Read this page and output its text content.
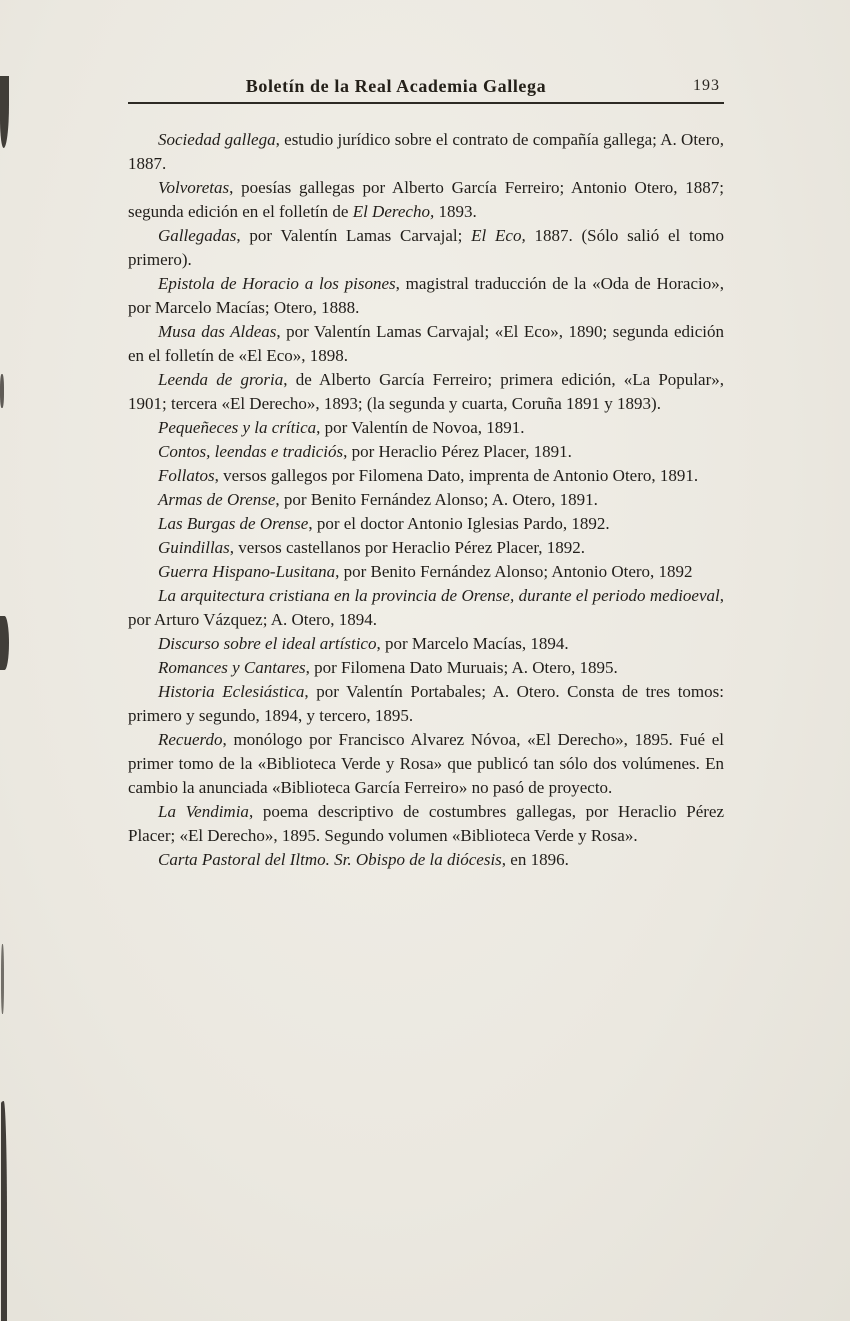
Boletín de la Real Academia Gallega	193

Sociedad gallega, estudio jurídico sobre el contrato de compañía gallega; A. Otero, 1887.

Volvoretas, poesías gallegas por Alberto García Ferreiro; Antonio Otero, 1887; segunda edición en el folletín de El Derecho, 1893.

Gallegadas, por Valentín Lamas Carvajal; El Eco, 1887. (Sólo salió el tomo primero).

Epistola de Horacio a los pisones, magistral traducción de la «Oda de Horacio», por Marcelo Macías; Otero, 1888.

Musa das Aldeas, por Valentín Lamas Carvajal; «El Eco», 1890; segunda edición en el folletín de «El Eco», 1898.

Leenda de groria, de Alberto García Ferreiro; primera edición, «La Popular», 1901; tercera «El Derecho», 1893; (la segunda y cuarta, Coruña 1891 y 1893).

Pequeñeces y la crítica, por Valentín de Novoa, 1891.

Contos, leendas e tradiciós, por Heraclio Pérez Placer, 1891.

Follatos, versos gallegos por Filomena Dato, imprenta de Antonio Otero, 1891.

Armas de Orense, por Benito Fernández Alonso; A. Otero, 1891.

Las Burgas de Orense, por el doctor Antonio Iglesias Pardo, 1892.

Guindillas, versos castellanos por Heraclio Pérez Placer, 1892.

Guerra Hispano-Lusitana, por Benito Fernández Alonso; Antonio Otero, 1892

La arquitectura cristiana en la provincia de Orense, durante el periodo medioeval, por Arturo Vázquez; A. Otero, 1894.

Discurso sobre el ideal artístico, por Marcelo Macías, 1894.

Romances y Cantares, por Filomena Dato Muruais; A. Otero, 1895.

Historia Eclesiástica, por Valentín Portabales; A. Otero. Consta de tres tomos: primero y segundo, 1894, y tercero, 1895.

Recuerdo, monólogo por Francisco Alvarez Nóvoa, «El Derecho», 1895. Fué el primer tomo de la «Biblioteca Verde y Rosa» que publicó tan sólo dos volúmenes. En cambio la anunciada «Biblioteca García Ferreiro» no pasó de proyecto.

La Vendimia, poema descriptivo de costumbres gallegas, por Heraclio Pérez Placer; «El Derecho», 1895. Segundo volumen «Biblioteca Verde y Rosa».

Carta Pastoral del Iltmo. Sr. Obispo de la diócesis, en 1896.
